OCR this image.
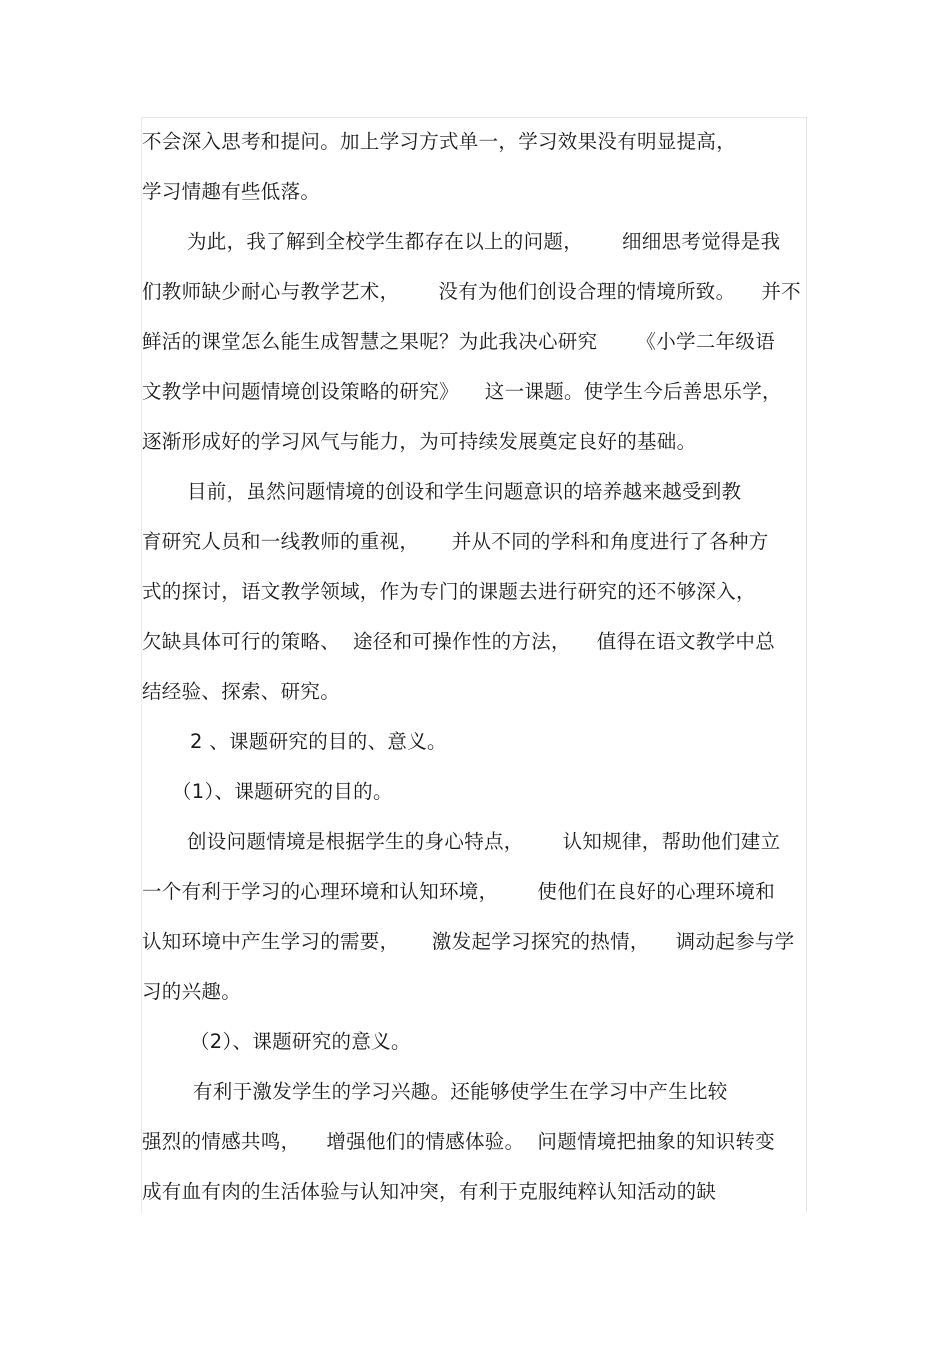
不会深入思考和提问。加上学习方式单一，学习效果没有明显提高，
学习情趣有些低落。
为此，我了解到全校学生都存在以上的问题，      细细思考觉得是我
们教师缺少耐心与教学艺术，      没有为他们创设合理的情境所致。    并不
鲜活的课堂怎么能生成智慧之果呢？为此我决心研究      《小学二年级语
文教学中问题情境创设策略的研究》    这一课题。使学生今后善思乐学，
逐渐形成好的学习风气与能力，为可持续发展奠定良好的基础。
目前，虽然问题情境的创设和学生问题意识的培养越来越受到教
育研究人员和一线教师的重视，     并从不同的学科和角度进行了各种方
式的探讨，语文教学领域，作为专门的课题去进行研究的还不够深入，
欠缺具体可行的策略、  途径和可操作性的方法，    值得在语文教学中总
结经验、探索、研究。
2 、课题研究的目的、意义。
（1）、课题研究的目的。
创设问题情境是根据学生的身心特点，      认知规律，帮助他们建立
一个有利于学习的心理环境和认知环境，      使他们在良好的心理环境和
认知环境中产生学习的需要，     激发起学习探究的热情，    调动起参与学
习的兴趣。
（2）、课题研究的意义。
有利于激发学生的学习兴趣。还能够使学生在学习中产生比较
强烈的情感共鸣，    增强他们的情感体验。  问题情境把抽象的知识转变
成有血有肉的生活体验与认知冲突，有利于克服纯粹认知活动的缺
